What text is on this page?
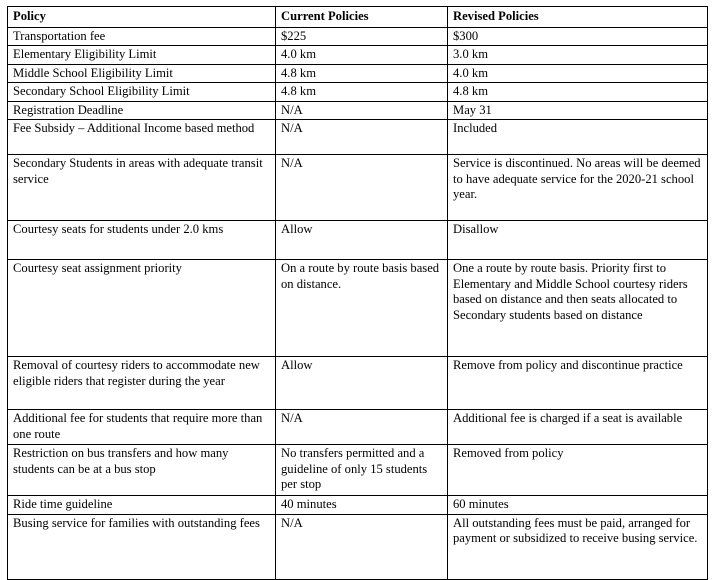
Policy	Current Policies	Revised Policies

Transportation fee	$225	$300

Elementary Eligibility Limit	4.0 km	3.0 km

Middle School Eligibility Limit	4.8 km	4.0 km

Secondary School Eligibility Limit	4.8 km	4.8 km

Registration Deadline	N/A	May 31

Fee Subsidy – Additional Income based method	N/A	Included

Secondary Students in areas with adequate transit service	N/A	Service is discontinued. No areas will be deemed to have adequate service for the 2020-21 school year.

Courtesy seats for students under 2.0 kms	Allow	Disallow

Courtesy seat assignment priority	On a route by route basis based on distance.	One a route by route basis. Priority first to Elementary and Middle School courtesy riders based on distance and then seats allocated to Secondary students based on distance

Removal of courtesy riders to accommodate new eligible riders that register during the year	Allow	Remove from policy and discontinue practice

Additional fee for students that require more than one route	N/A	Additional fee is charged if a seat is available

Restriction on bus transfers and how many students can be at a bus stop	No transfers permitted and a guideline of only 15 students per stop	Removed from policy

Ride time guideline	40 minutes	60 minutes

Busing service for families with outstanding fees	N/A	All outstanding fees must be paid, arranged for payment or subsidized to receive busing service.
